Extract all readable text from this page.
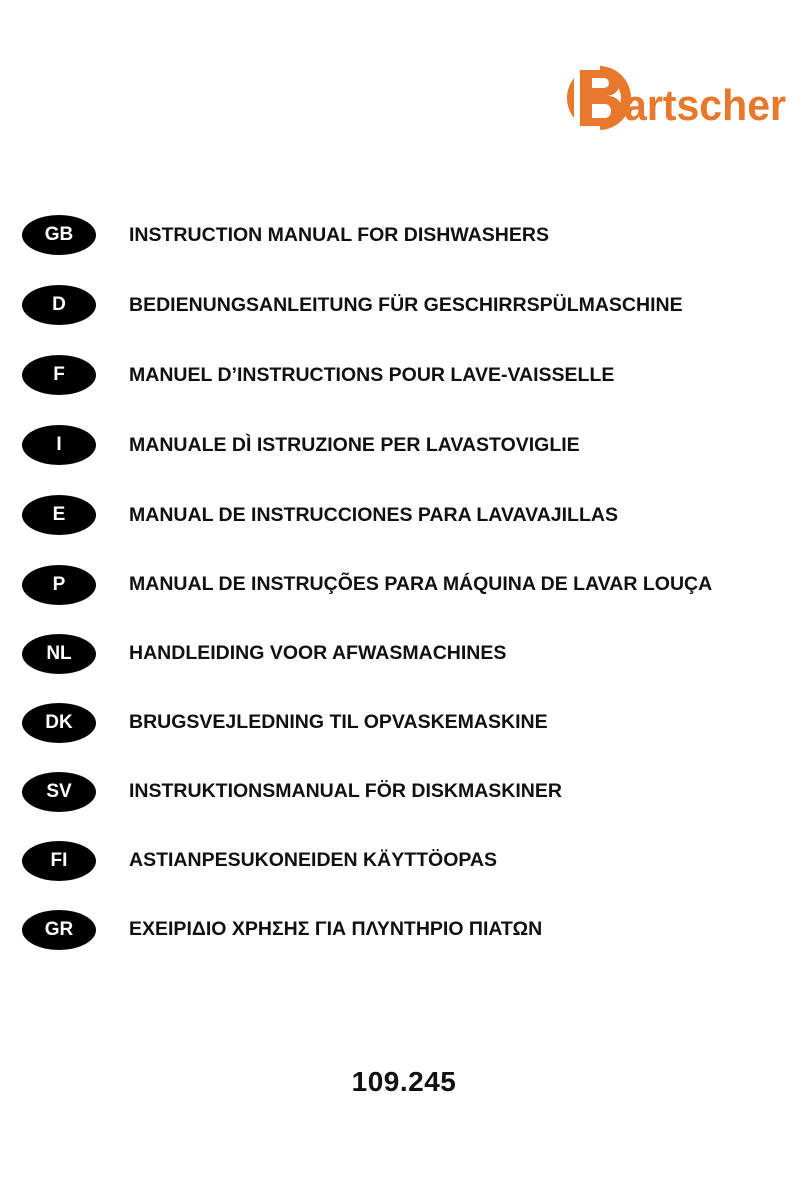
artscher
GB	INSTRUCTION MANUAL FOR DISHWASHERS
D	BEDIENUNGSANLEITUNG FÜR GESCHIRRSPÜLMASCHINE
F	MANUEL D’INSTRUCTIONS POUR LAVE-VAISSELLE
I	MANUALE DÌ ISTRUZIONE PER LAVASTOVIGLIE
E	MANUAL DE INSTRUCCIONES PARA LAVAVAJILLAS
P	MANUAL DE INSTRUÇÕES PARA MÁQUINA DE LAVAR LOUÇA
NL	HANDLEIDING VOOR AFWASMACHINES
DK	BRUGSVEJLEDNING TIL OPVASKEMASKINE
SV	INSTRUKTIONSMANUAL FÖR DISKMASKINER
FI	ASTIANPESUKONEIDEN KÄYTTÖOPAS
GR	ΕΧΕΙΡΙΔΙΟ ΧΡΗΣΗΣ ΓΙΑ ΠΛΥΝΤΗΡΙΟ ΠΙΑΤΩΝ
109.245
